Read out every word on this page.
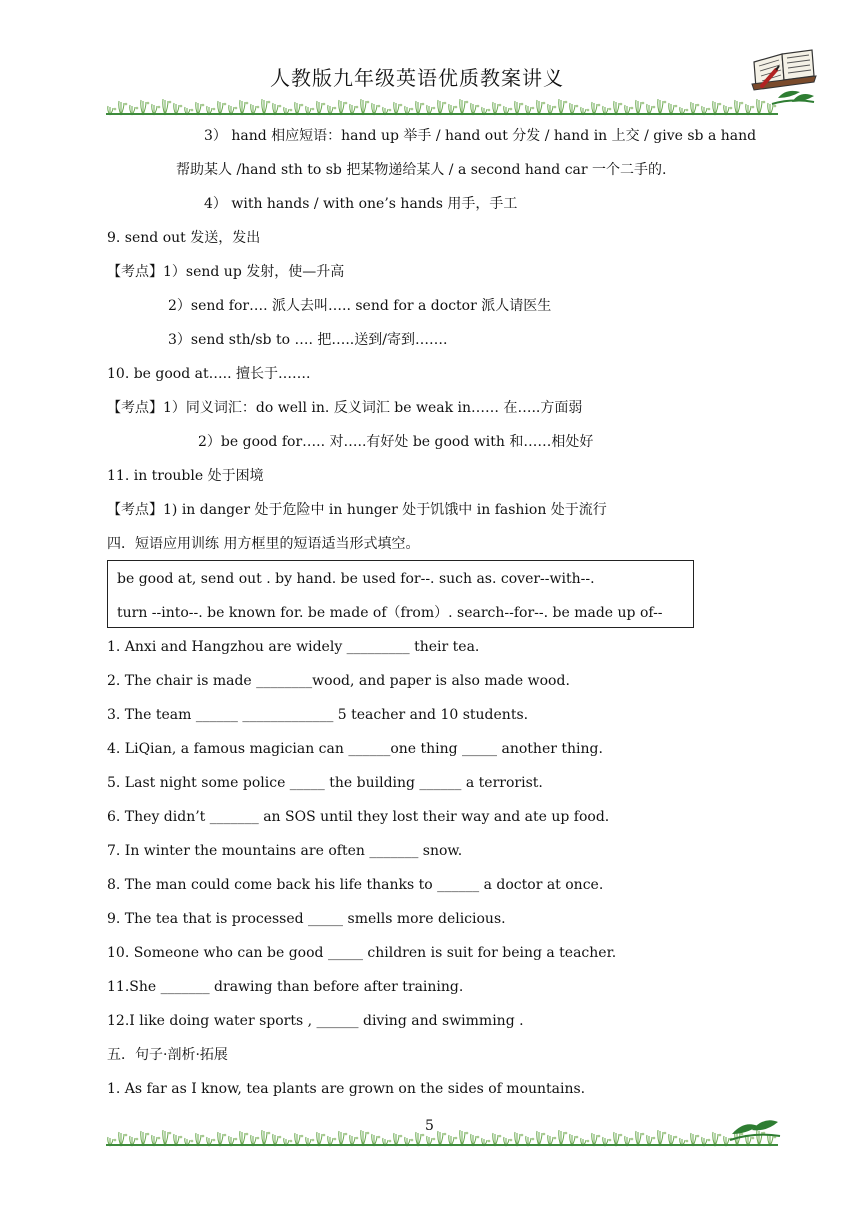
人教版九年级英语优质教案讲义
3） hand 相应短语：hand up 举手 / hand out 分发 / hand in 上交 / give sb a hand
帮助某人 /hand sth to sb 把某物递给某人 / a second hand car 一个二手的.
4） with hands / with one’s hands 用手，手工
9. send out 发送，发出
【考点】1）send up 发射，使—升高
2）send for…. 派人去叫….. send for a doctor 派人请医生
3）send sth/sb to …. 把…..送到/寄到…….
10. be good at….. 擅长于…….
【考点】1）同义词汇：do well in. 反义词汇 be weak in…… 在…..方面弱
2）be good for….. 对…..有好处 be good with 和……相处好
11. in trouble 处于困境
【考点】1) in danger 处于危险中 in hunger 处于饥饿中 in fashion 处于流行
四．短语应用训练 用方框里的短语适当形式填空。
be good at, send out . by hand. be used for--. such as. cover--with--.
turn --into--. be known for. be made of（from）. search--for--. be made up of--
1. Anxi and Hangzhou are widely _________ their tea.
2. The chair is made ________wood, and paper is also made wood.
3. The team ______ _____________ 5 teacher and 10 students.
4. LiQian, a famous magician can ______one thing _____ another thing.
5. Last night some police _____ the building ______ a terrorist.
6. They didn’t _______ an SOS until they lost their way and ate up food.
7. In winter the mountains are often _______ snow.
8. The man could come back his life thanks to ______ a doctor at once.
9. The tea that is processed _____ smells more delicious.
10. Someone who can be good _____ children is suit for being a teacher.
11.She _______ drawing than before after training.
12.I like doing water sports , ______ diving and swimming .
五．句子·剖析·拓展
1. As far as I know, tea plants are grown on the sides of mountains.
5
